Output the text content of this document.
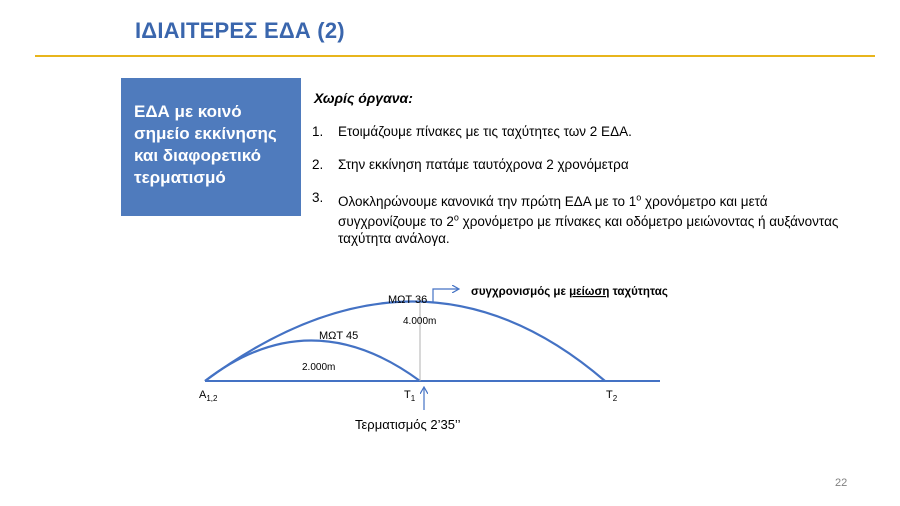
ΙΔΙΑΙΤΕΡΕΣ ΕΔΑ (2)
ΕΔΑ με κοινό σημείο εκκίνησης και διαφορετικό τερματισμό
Χωρίς όργανα:
1. Ετοιμάζουμε πίνακες με τις ταχύτητες των 2 ΕΔΑ.
2. Στην εκκίνηση πατάμε ταυτόχρονα 2 χρονόμετρα
3. Ολοκληρώνουμε κανονικά την πρώτη ΕΔΑ με το $1^o$ χρονόμετρο και μετά συγχρονίζουμε το $2^o$ χρονόμετρο με πίνακες και οδόμετρο μειώνοντας ή αυξάνοντας ταχύτητα ανάλογα.
$A_{1,2}$	$T_1$	$T_2$
ΜΩΤ 45
2.000m
ΜΩΤ 36
4.000m
συγχρονισμός με μείωση ταχύτητας
Τερματισμός 2’35’’
22
